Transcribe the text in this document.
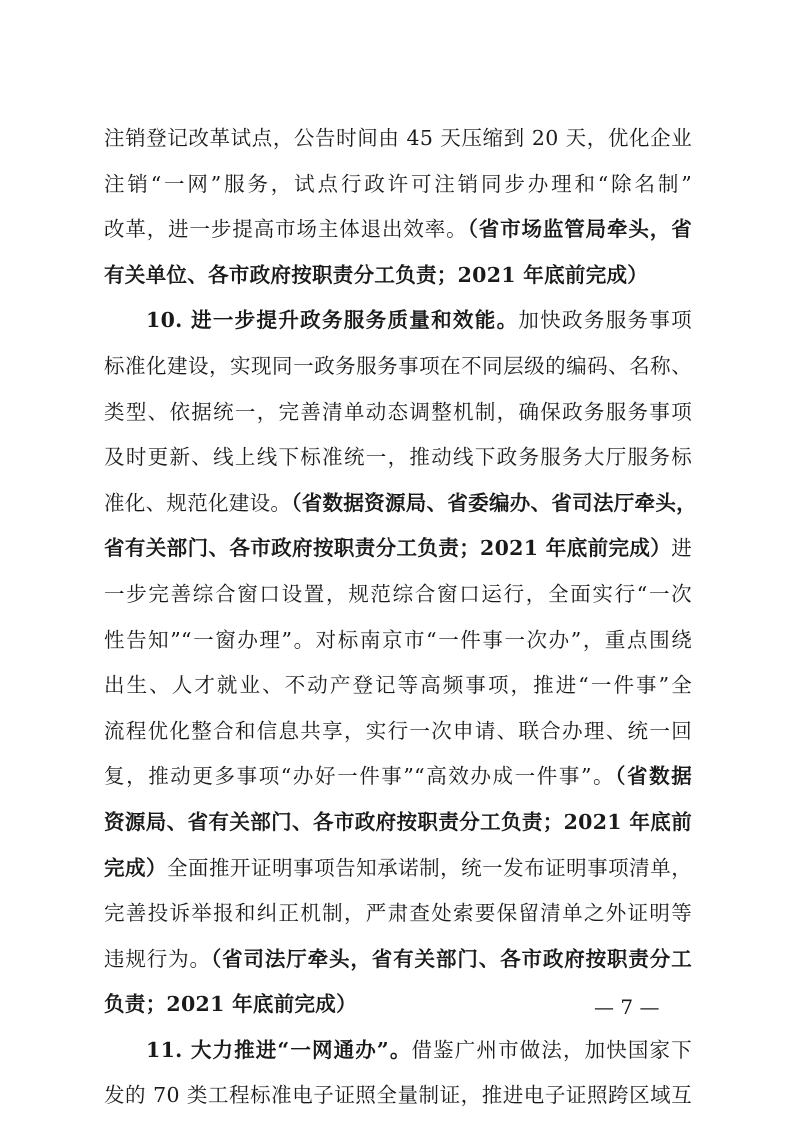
注销登记改革试点，公告时间由 45 天压缩到 20 天，优化企业
注销“一网”服务，试点行政许可注销同步办理和“除名制”
改革，进一步提高市场主体退出效率。（省市场监管局牵头，省
有关单位、各市政府按职责分工负责；2021 年底前完成）
10. 进一步提升政务服务质量和效能。加快政务服务事项
标准化建设，实现同一政务服务事项在不同层级的编码、名称、
类型、依据统一，完善清单动态调整机制，确保政务服务事项
及时更新、线上线下标准统一，推动线下政务服务大厅服务标
准化、规范化建设。（省数据资源局、省委编办、省司法厅牵头，
省有关部门、各市政府按职责分工负责；2021 年底前完成）进
一步完善综合窗口设置，规范综合窗口运行，全面实行“一次
性告知”“一窗办理”。对标南京市“一件事一次办”，重点围绕
出生、人才就业、不动产登记等高频事项，推进“一件事”全
流程优化整合和信息共享，实行一次申请、联合办理、统一回
复，推动更多事项“办好一件事”“高效办成一件事”。（省数据
资源局、省有关部门、各市政府按职责分工负责；2021 年底前
完成）全面推开证明事项告知承诺制，统一发布证明事项清单，
完善投诉举报和纠正机制，严肃查处索要保留清单之外证明等
违规行为。（省司法厅牵头，省有关部门、各市政府按职责分工
负责；2021 年底前完成）
11. 大力推进“一网通办”。借鉴广州市做法，加快国家下
发的 70 类工程标准电子证照全量制证，推进电子证照跨区域互
— 7 —
